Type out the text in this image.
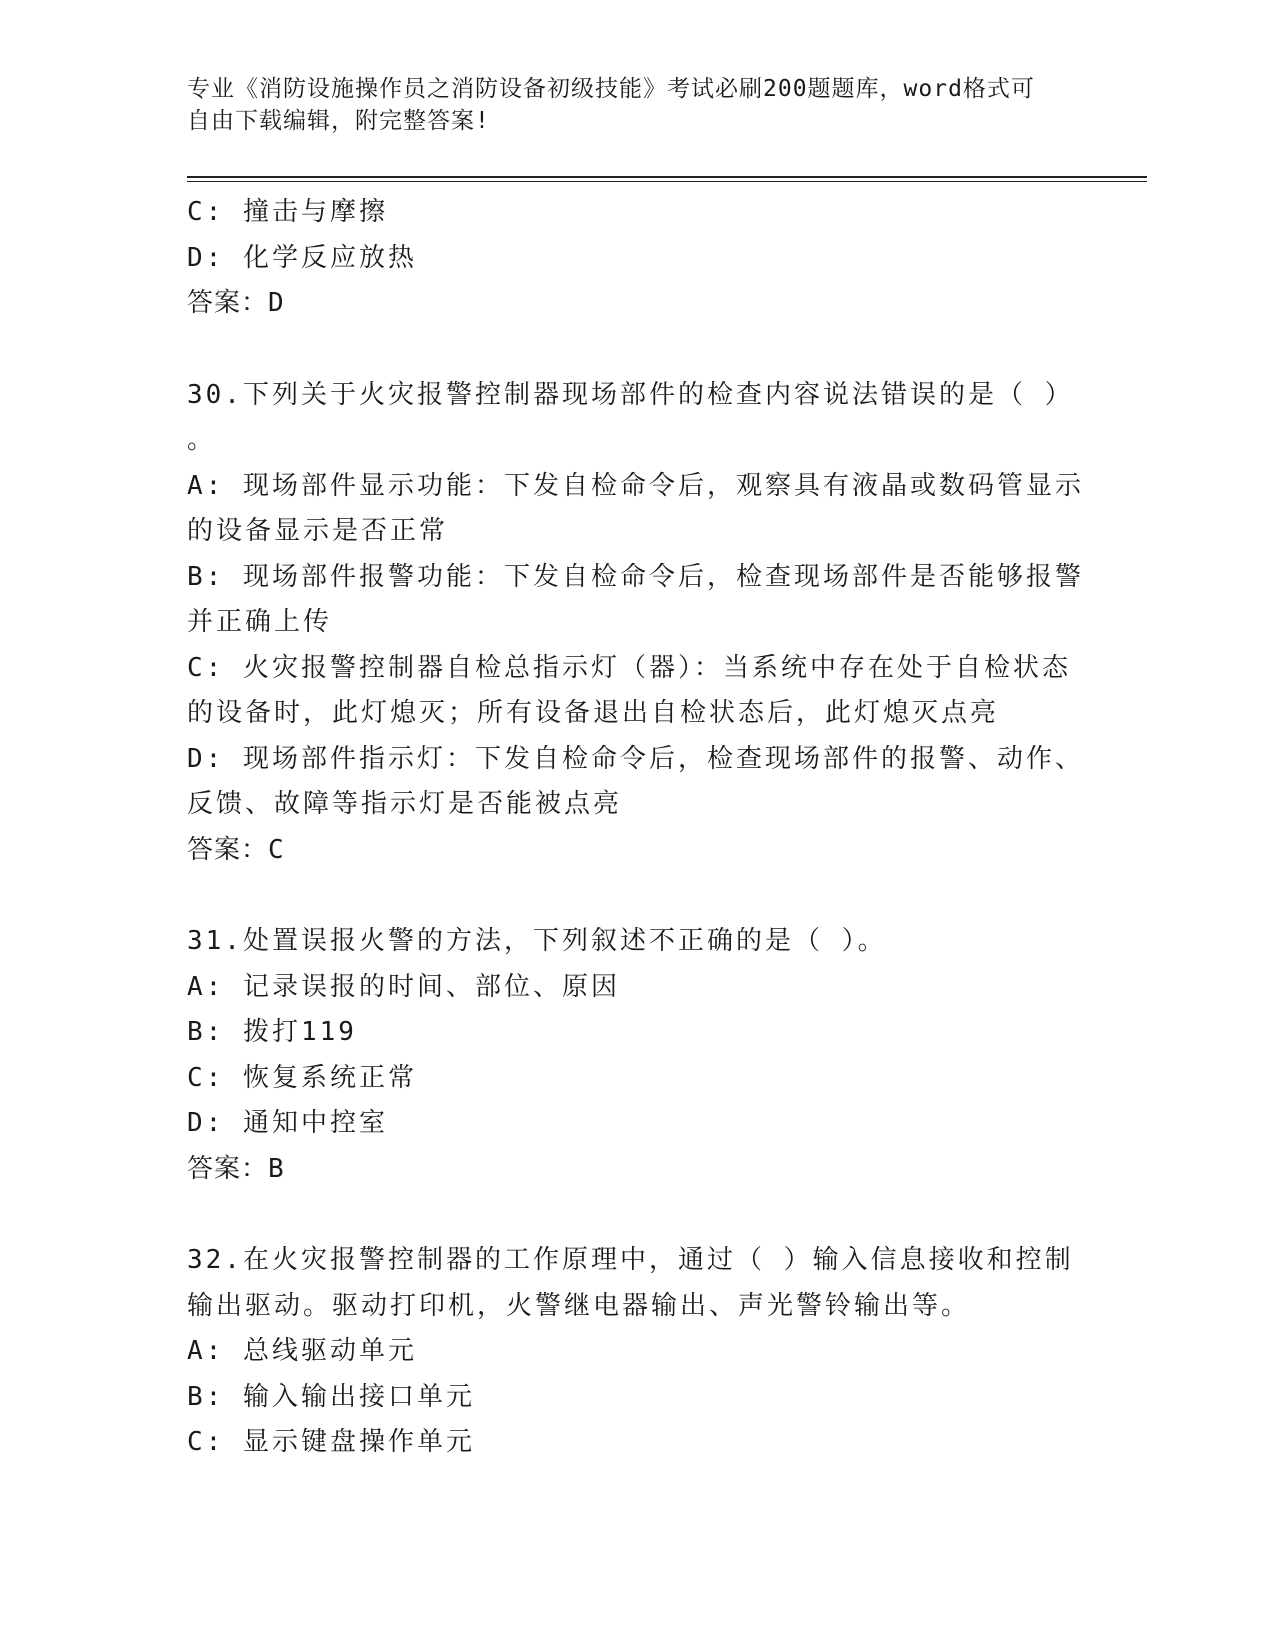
专业《消防设施操作员之消防设备初级技能》考试必刷200题题库，word格式可
自由下载编辑，附完整答案!
C: 撞击与摩擦
D: 化学反应放热
答案：D
30.下列关于火灾报警控制器现场部件的检查内容说法错误的是（ ）
。
A: 现场部件显示功能：下发自检命令后，观察具有液晶或数码管显示
的设备显示是否正常
B: 现场部件报警功能：下发自检命令后，检查现场部件是否能够报警
并正确上传
C: 火灾报警控制器自检总指示灯（器）：当系统中存在处于自检状态
的设备时，此灯熄灭；所有设备退出自检状态后，此灯熄灭点亮
D: 现场部件指示灯：下发自检命令后，检查现场部件的报警、动作、
反馈、故障等指示灯是否能被点亮
答案：C
31.处置误报火警的方法，下列叙述不正确的是（ ）。
A: 记录误报的时间、部位、原因
B: 拨打119
C: 恢复系统正常
D: 通知中控室
答案：B
32.在火灾报警控制器的工作原理中，通过（ ）输入信息接收和控制
输出驱动。驱动打印机，火警继电器输出、声光警铃输出等。
A: 总线驱动单元
B: 输入输出接口单元
C: 显示键盘操作单元
